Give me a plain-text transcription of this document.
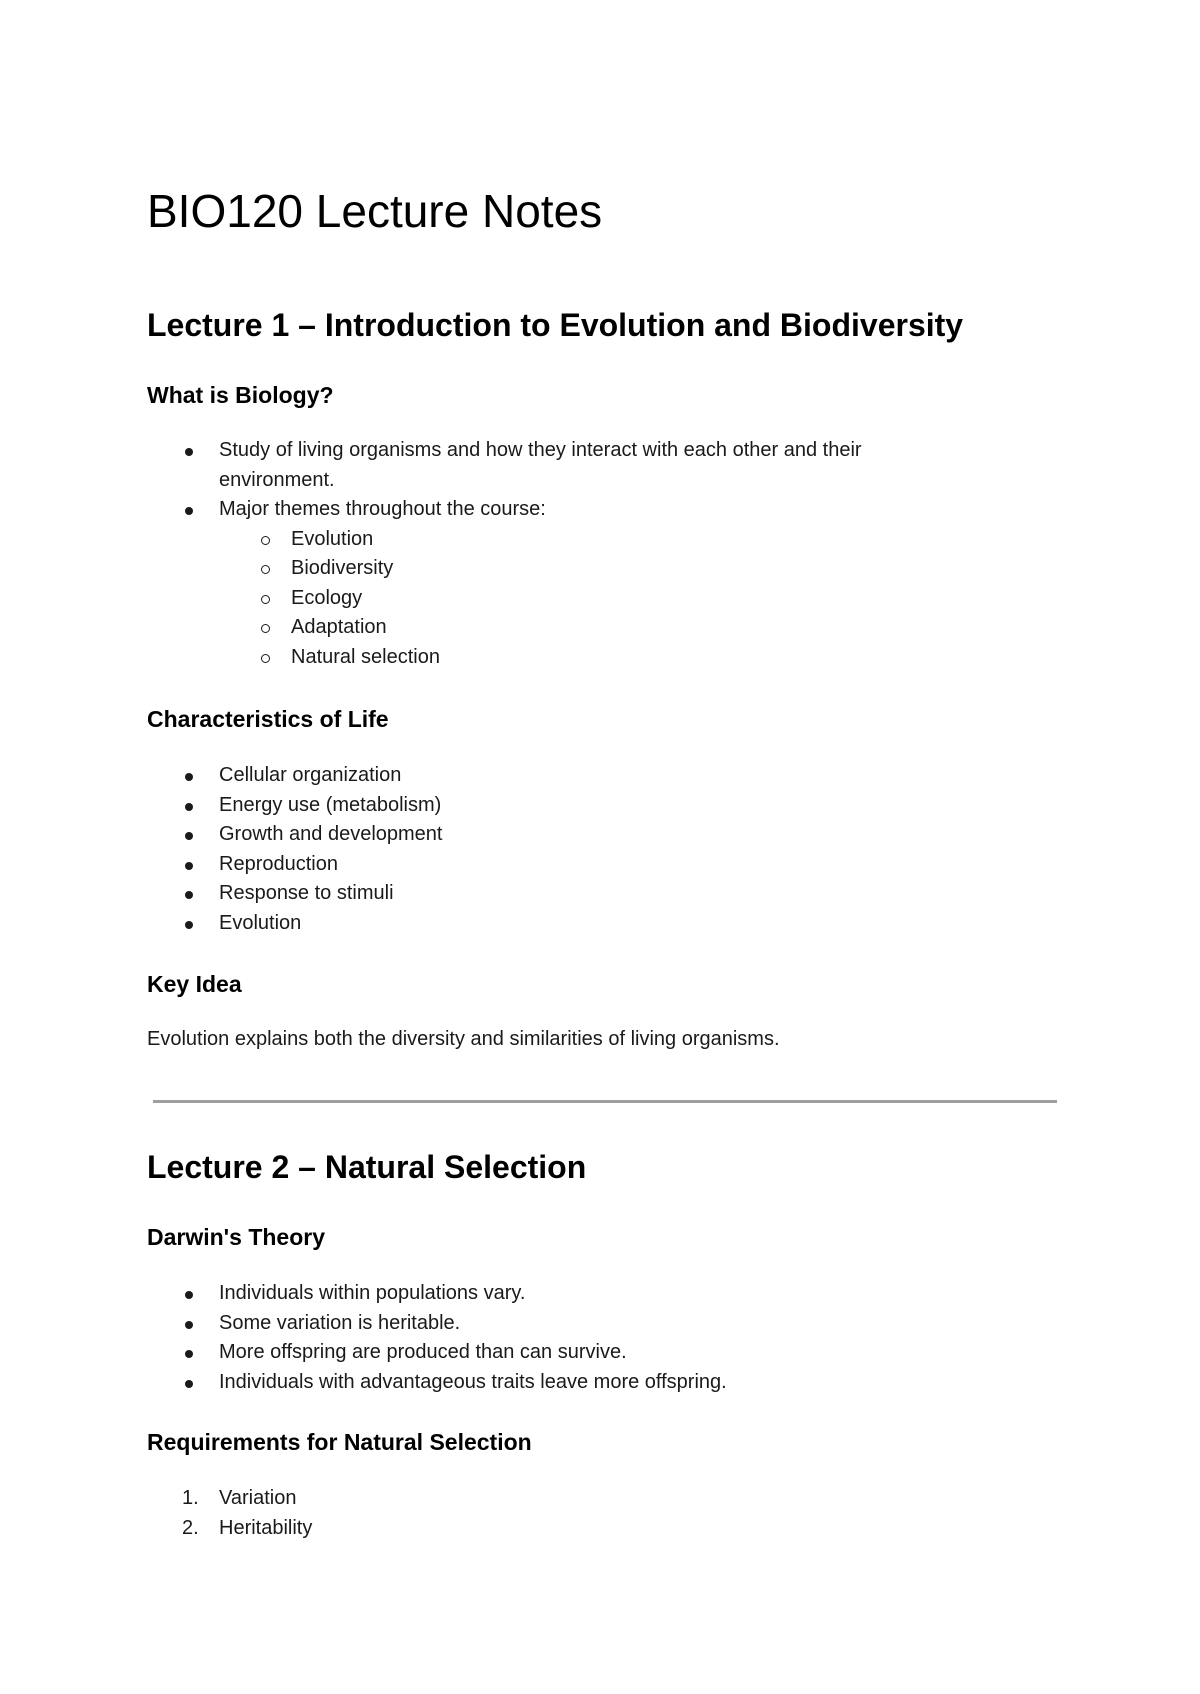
BIO120 Lecture Notes
Lecture 1 – Introduction to Evolution and Biodiversity
What is Biology?
Study of living organisms and how they interact with each other and their environment.
Major themes throughout the course:
Evolution
Biodiversity
Ecology
Adaptation
Natural selection
Characteristics of Life
Cellular organization
Energy use (metabolism)
Growth and development
Reproduction
Response to stimuli
Evolution
Key Idea

Evolution explains both the diversity and similarities of living organisms.

Lecture 2 – Natural Selection
Darwin's Theory
Individuals within populations vary.
Some variation is heritable.
More offspring are produced than can survive.
Individuals with advantageous traits leave more offspring.
Requirements for Natural Selection
1. Variation
2. Heritability
